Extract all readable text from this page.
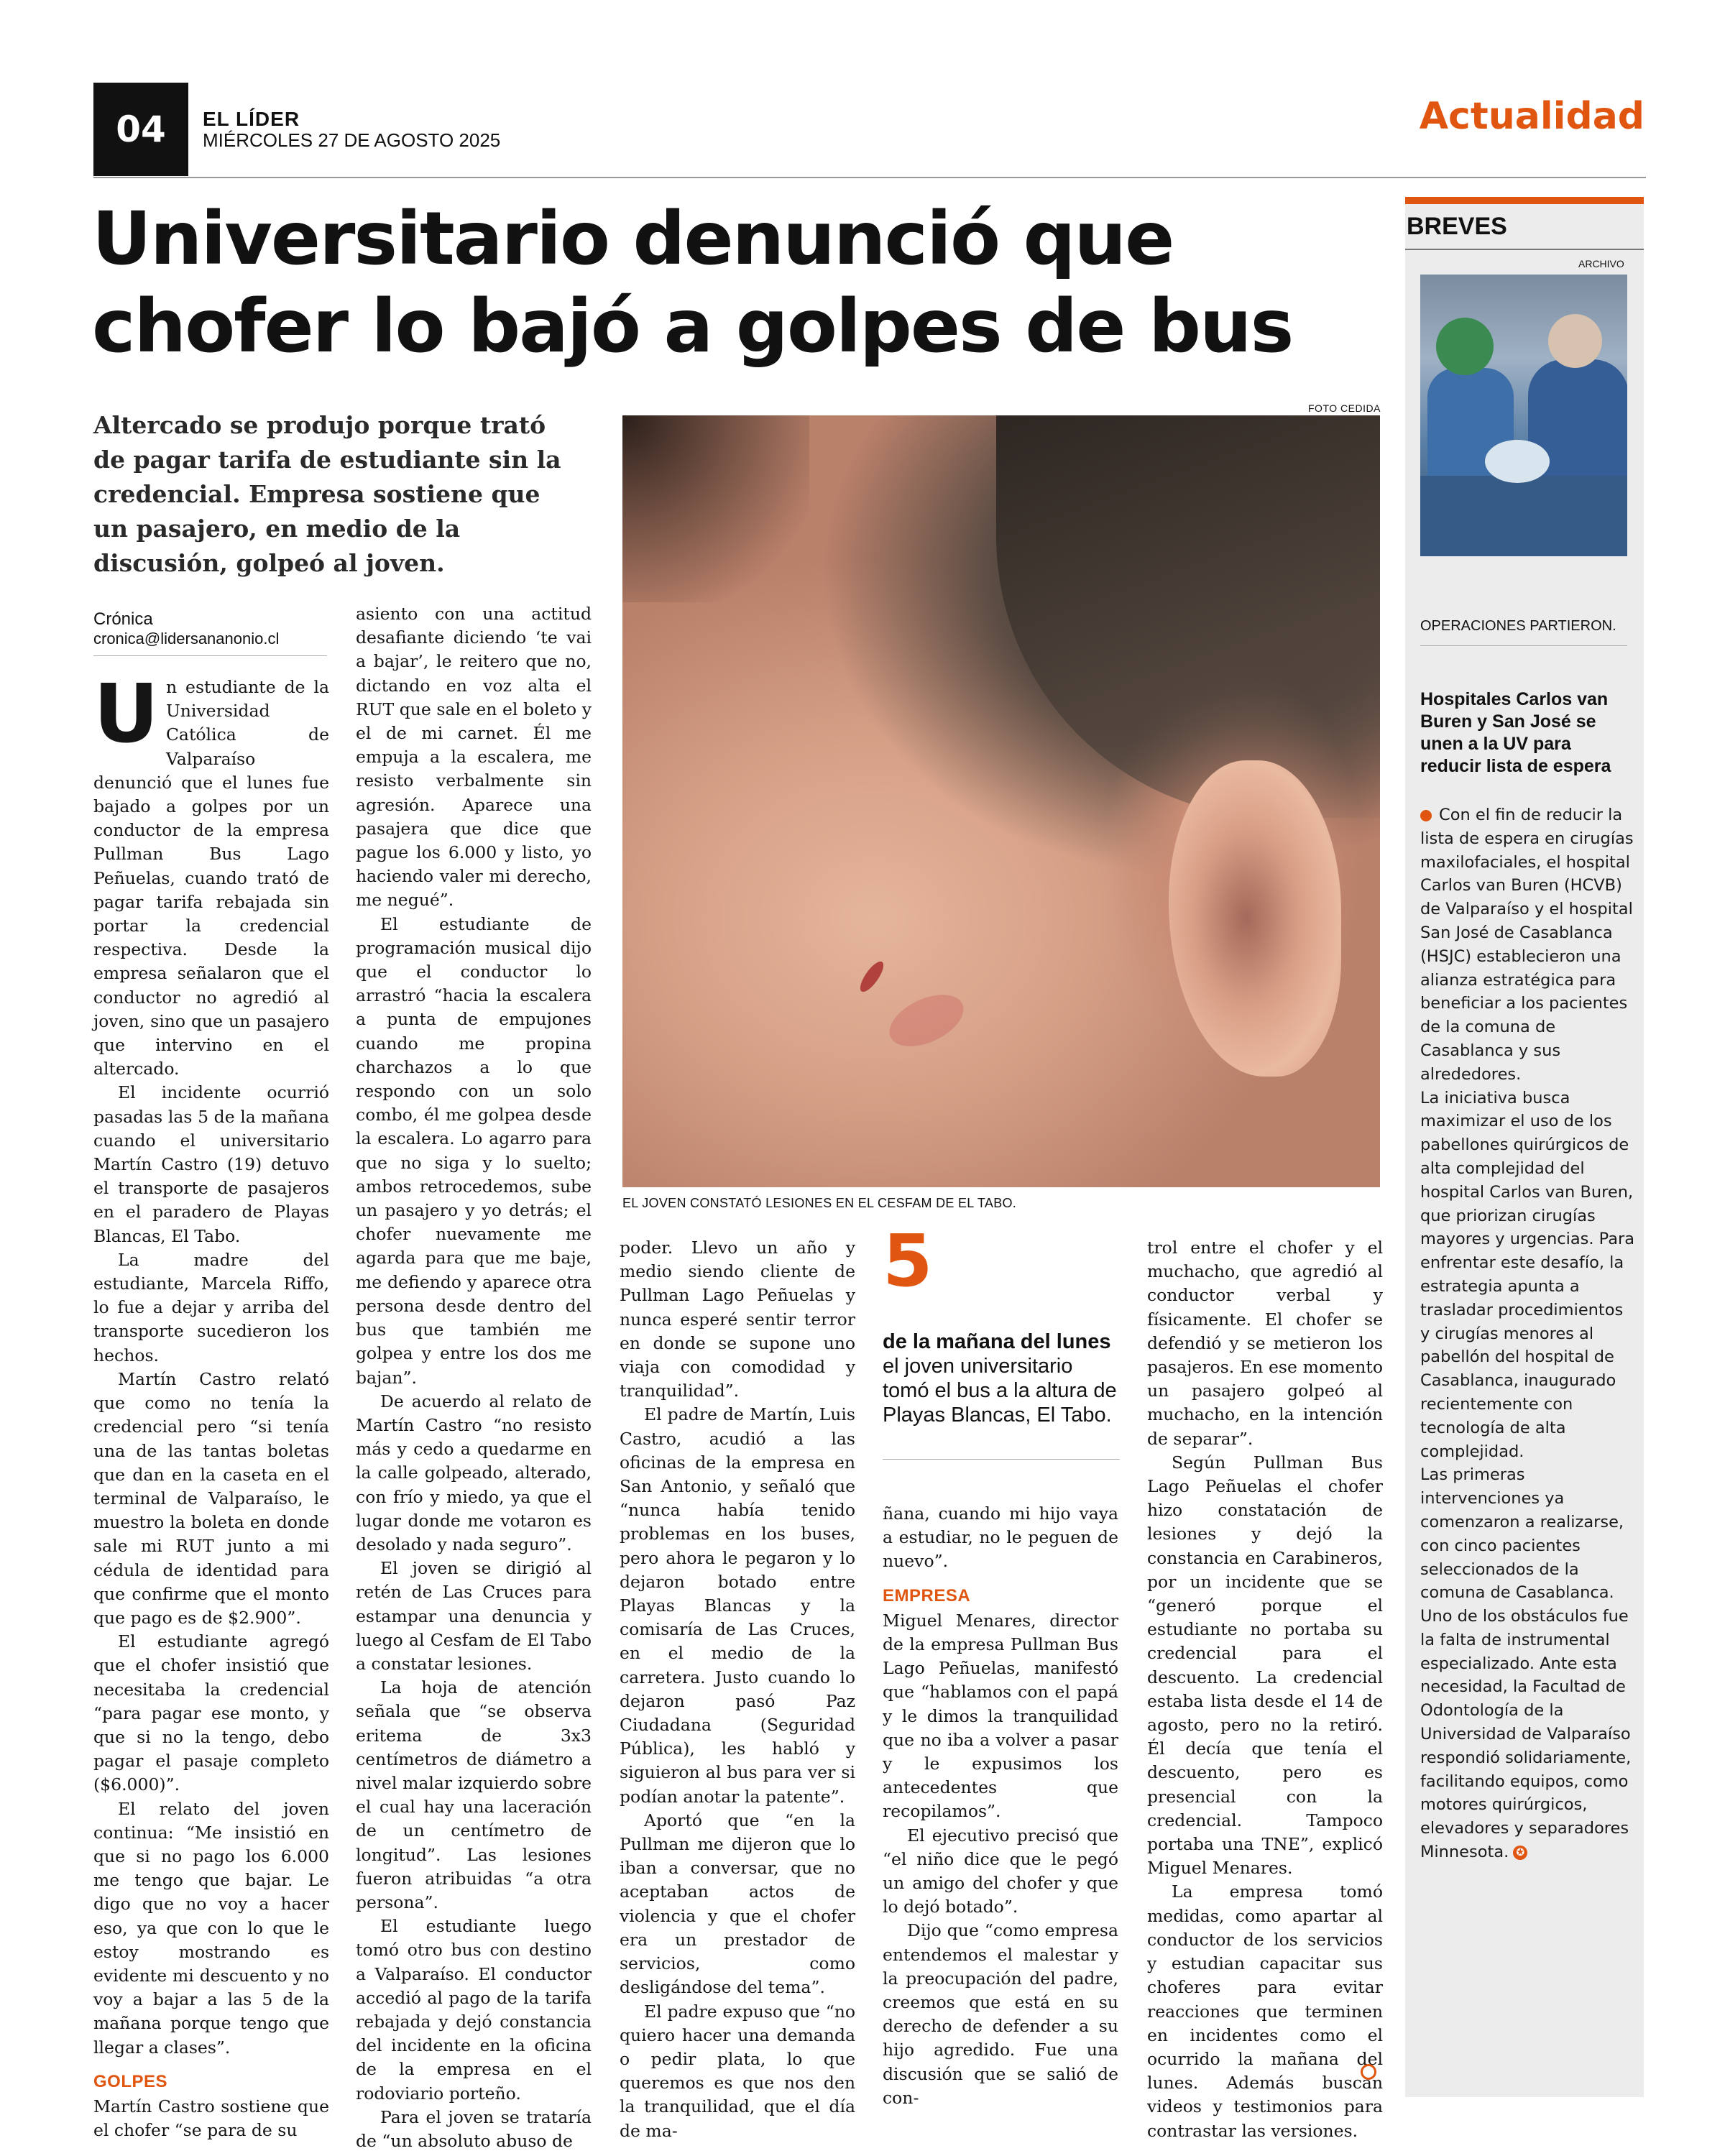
04	EL LÍDER
MIÉRCOLES 27 DE AGOSTO 2025
Actualidad
Universitario denunció que chofer lo bajó a golpes de bus

Altercado se produjo porque trató de pagar tarifa de estudiante sin la credencial. Empresa sostiene que un pasajero, en medio de la discusión, golpeó al joven.

Crónica
cronica@lidersananonio.cl
U n estudiante de la Universidad Católica de Valparaíso denunció que el lunes fue bajado a golpes por un conductor de la empresa Pullman Bus Lago Peñuelas, cuando trató de pagar tarifa rebajada sin portar la credencial respectiva. Desde la empresa señalaron que el conductor no agredió al joven, sino que un pasajero que intervino en el altercado.

El incidente ocurrió pasadas las 5 de la mañana cuando el universitario Martín Castro (19) detuvo el transporte de pasajeros en el paradero de Playas Blancas, El Tabo.

La madre del estudiante, Marcela Riffo, lo fue a dejar y arriba del transporte sucedieron los hechos.

Martín Castro relató que como no tenía la credencial pero “si tenía una de las tantas boletas que dan en la caseta en el terminal de Valparaíso, le muestro la boleta en donde sale mi RUT junto a mi cédula de identidad para que confirme que el monto que pago es de $2.900”.

El estudiante agregó que el chofer insistió que necesitaba la credencial “para pagar ese monto, y que si no la tengo, debo pagar el pasaje completo ($6.000)”.

El relato del joven continua: “Me insistió en que si no pago los 6.000 me tengo que bajar. Le digo que no voy a hacer eso, ya que con lo que le estoy mostrando es evidente mi descuento y no voy a bajar a las 5 de la mañana porque tengo que llegar a clases”.

GOLPES

Martín Castro sostiene que el chofer “se para de su

asiento con una actitud desafiante diciendo ‘te vai a bajar’, le reitero que no, dictando en voz alta el RUT que sale en el boleto y el de mi carnet. Él me empuja a la escalera, me resisto verbalmente sin agresión. Aparece una pasajera que dice que pague los 6.000 y listo, yo haciendo valer mi derecho, me negué”.

El estudiante de programación musical dijo que el conductor lo arrastró “hacia la escalera a punta de empujones cuando me propina charchazos a lo que respondo con un solo combo, él me golpea desde la escalera. Lo agarro para que no siga y lo suelto; ambos retrocedemos, sube un pasajero y yo detrás; el chofer nuevamente me agarda para que me baje, me defiendo y aparece otra persona desde dentro del bus que también me golpea y entre los dos me bajan”.

De acuerdo al relato de Martín Castro “no resisto más y cedo a quedarme en la calle golpeado, alterado, con frío y miedo, ya que el lugar donde me votaron es desolado y nada seguro”.

El joven se dirigió al retén de Las Cruces para estampar una denuncia y luego al Cesfam de El Tabo a constatar lesiones.

La hoja de atención señala que “se observa eritema de 3x3 centímetros de diámetro a nivel malar izquierdo sobre el cual hay una laceración de un centímetro de longitud”. Las lesiones fueron atribuidas “a otra persona”.

El estudiante luego tomó otro bus con destino a Valparaíso. El conductor accedió al pago de la tarifa rebajada y dejó constancia del incidente en la oficina de la empresa en el rodoviario porteño.

Para el joven se trataría de “un absoluto abuso de

FOTO CEDIDA
EL JOVEN CONSTATÓ LESIONES EN EL CESFAM DE EL TABO.

poder. Llevo un año y medio siendo cliente de Pullman Lago Peñuelas y nunca esperé sentir terror en donde se supone uno viaja con comodidad y tranquilidad”.

El padre de Martín, Luis Castro, acudió a las oficinas de la empresa en San Antonio, y señaló que “nunca había tenido problemas en los buses, pero ahora le pegaron y lo dejaron botado entre Playas Blancas y la comisaría de Las Cruces, en el medio de la carretera. Justo cuando lo dejaron pasó Paz Ciudadana (Seguridad Pública), les habló y siguieron al bus para ver si podían anotar la patente”.

Aportó que “en la Pullman me dijeron que lo iban a conversar, que no aceptaban actos de violencia y que el chofer era un prestador de servicios, como desligándose del tema”.

El padre expuso que “no quiero hacer una demanda o pedir plata, lo que queremos es que nos den la tranquilidad, que el día de ma-

5

de la mañana del lunes el joven universitario tomó el bus a la altura de Playas Blancas, El Tabo.

ñana, cuando mi hijo vaya a estudiar, no le peguen de nuevo”.

EMPRESA

Miguel Menares, director de la empresa Pullman Bus Lago Peñuelas, manifestó que “hablamos con el papá y le dimos la tranquilidad que no iba a volver a pasar y le expusimos los antecedentes que recopilamos”.

El ejecutivo precisó que “el niño dice que le pegó un amigo del chofer y que lo dejó botado”.

Dijo que “como empresa entendemos el malestar y la preocupación del padre, creemos que está en su derecho de defender a su hijo agredido. Fue una discusión que se salió de con-

trol entre el chofer y el muchacho, que agredió al conductor verbal y físicamente. El chofer se defendió y se metieron los pasajeros. En ese momento un pasajero golpeó al muchacho, en la intención de separar”.

Según Pullman Bus Lago Peñuelas el chofer hizo constatación de lesiones y dejó la constancia en Carabineros, por un incidente que se “generó porque el estudiante no portaba su credencial para el descuento. La credencial estaba lista desde el 14 de agosto, pero no la retiró. Él decía que tenía el descuento, pero es presencial con la credencial. Tampoco portaba una TNE”, explicó Miguel Menares.

La empresa tomó medidas, como apartar al conductor de los servicios y estudian capacitar sus choferes para evitar reacciones que terminen en incidentes como el ocurrido la mañana del lunes. Además buscan videos y testimonios para contrastar las versiones.

BREVES
ARCHIVO
OPERACIONES PARTIERON.
Hospitales Carlos van Buren y San José se unen a la UV para reducir lista de espera

Con el fin de reducir la lista de espera en cirugías maxilofaciales, el hospital Carlos van Buren (HCVB) de Valparaíso y el hospital San José de Casablanca (HSJC) establecieron una alianza estratégica para beneficiar a los pacientes de la comuna de Casablanca y sus alrededores.

La iniciativa busca maximizar el uso de los pabellones quirúrgicos de alta complejidad del hospital Carlos van Buren, que priorizan cirugías mayores y urgencias. Para enfrentar este desafío, la estrategia apunta a trasladar procedimientos y cirugías menores al pabellón del hospital de Casablanca, inaugurado recientemente con tecnología de alta complejidad.

Las primeras intervenciones ya comenzaron a realizarse, con cinco pacientes seleccionados de la comuna de Casablanca.

Uno de los obstáculos fue la falta de instrumental especializado. Ante esta necesidad, la Facultad de Odontología de la Universidad de Valparaíso respondió solidariamente, facilitando equipos, como motores quirúrgicos, elevadores y separadores Minnesota. ✪
